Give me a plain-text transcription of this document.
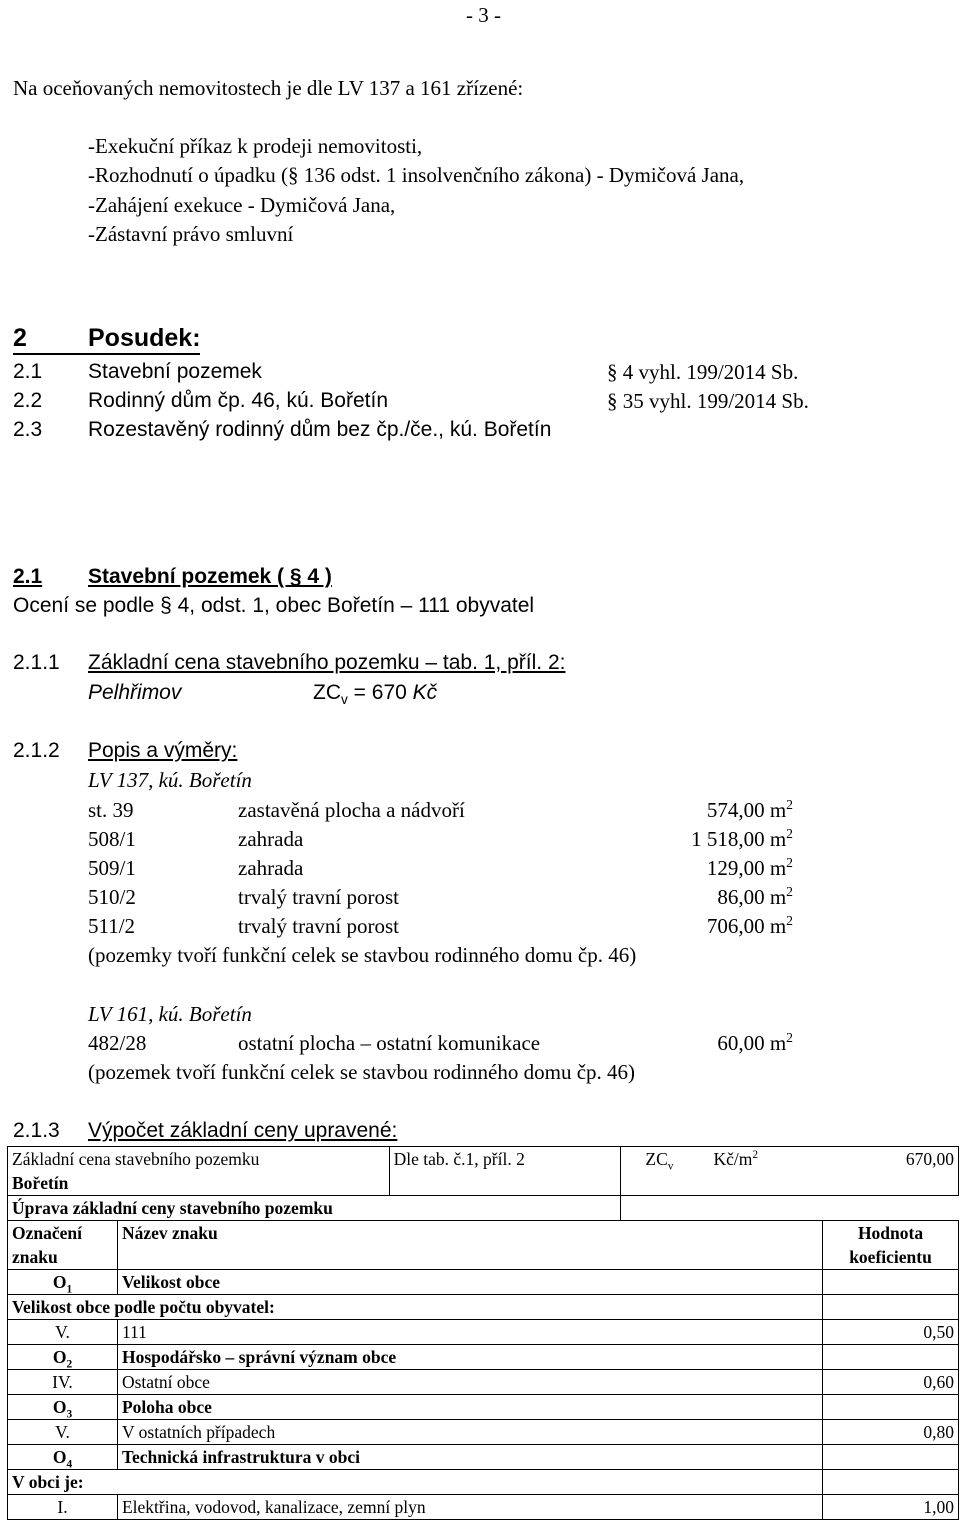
- 3 -
Na oceňovaných nemovitostech je dle LV 137 a 161 zřízené:
-Exekuční příkaz k prodeji nemovitosti,
-Rozhodnutí o úpadku (§ 136 odst. 1 insolvenčního zákona) - Dymičová Jana,
-Zahájení exekuce - Dymičová Jana,
-Zástavní právo smluvní
2 Posudek:
2.1 Stavební pozemek	§ 4 vyhl. 199/2014 Sb.
2.2 Rodinný dům čp. 46, kú. Bořetín	§ 35 vyhl. 199/2014 Sb.
2.3 Rozestavěný rodinný dům bez čp./če., kú. Bořetín
2.1 Stavební pozemek ( § 4 )
Ocení se podle § 4, odst. 1, obec Bořetín – 111 obyvatel
2.1.1 Základní cena stavebního pozemku – tab. 1, příl. 2:
Pelhřimov	$ZC_v = 670$ Kč
2.1.2 Popis a výměry:
LV 137, kú. Bořetín
st. 39	zastavěná plocha a nádvoří	574,00 $m^2$
508/1	zahrada	1 518,00 $m^2$
509/1	zahrada	129,00 $m^2$
510/2	trvalý travní porost	86,00 $m^2$
511/2	trvalý travní porost	706,00 $m^2$
(pozemky tvoří funkční celek se stavbou rodinného domu čp. 46)
LV 161, kú. Bořetín
482/28	ostatní plocha – ostatní komunikace	60,00 $m^2$
(pozemek tvoří funkční celek se stavbou rodinného domu čp. 46)
2.1.3 Výpočet základní ceny upravené:
Základní cena stavebního pozemku		Dle tab. č.1, příl. 2	$ZC_v$ $Kč/m^2$ 670,00	

Bořetín				
Úprava základní ceny stavebního pozemku				
Označení	Název znaku			Hodnota
znaku				koeficientu
$O_1$	Velikost obce			
Velikost obce podle počtu obyvatel:				
V.	111			0,50
$O_2$	Hospodářsko – správní význam obce			
IV.	Ostatní obce			0,60
$O_3$	Poloha obce			
V.	V ostatních případech			0,80
$O_4$	Technická infrastruktura v obci			
V obci je:				
I.	Elektřina, vodovod, kanalizace, zemní plyn			1,00
